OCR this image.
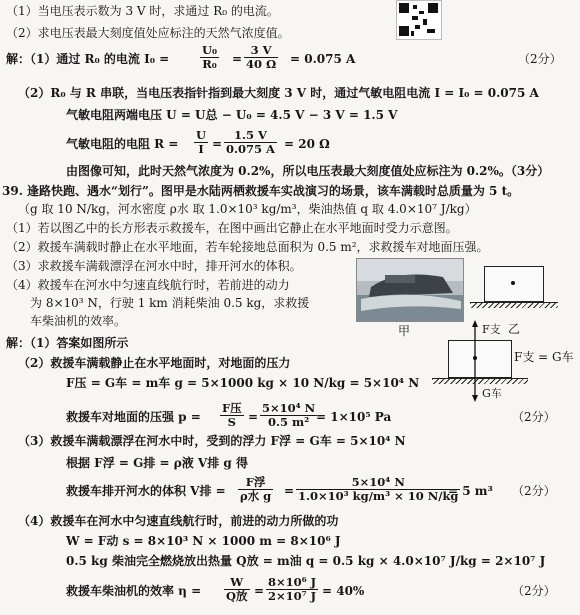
（1）当电压表示数为 3 V 时，求通过 R₀ 的电流。
（2）求电压表最大刻度值处应标注的天然气浓度值。
解：（1）通过 R₀ 的电流 I₀ =	$\frac{\text{U₀}}{\text{R₀}} = \frac{3 V}{40 \Omega} = 0.075$ A	（2分）
（2）R₀ 与 R 串联，当电压表指针指到最大刻度 3 V 时，通过气敏电阻电流 I = I₀ = 0.075 A
气敏电阻两端电压 U = U总 − U₀ = 4.5 V − 3 V = 1.5 V
气敏电阻的电阻 $R = \frac{U}{I} = \frac{1.5 V}{0.075 A} = 20$ Ω
由图像可知，此时天然气浓度为 0.2%，所以电压表最大刻度值处应标注为 0.2%。（3分）
39. 逢路快跑、遇水“划行”。图甲是水陆两栖救援车实战演习的场景，该车满载时总质量为 5 t。
（g 取 10 N/kg，河水密度 ρ水 取 1.0×10³ kg/m³，柴油热值 q 取 4.0×10⁷ J/kg）
（1）若以图乙中的长方形表示救援车，在图中画出它静止在水平地面时受力示意图。
（2）救援车满载时静止在水平地面，若车轮接地总面积为 0.5 m²，求救援车对地面压强。
（3）求救援车满载漂浮在河水中时，排开河水的体积。
（4）救援车在河水中匀速直线航行时，若前进的动力
为 8×10³ N，行驶 1 km 消耗柴油 0.5 kg，求救援
车柴油机的效率。
甲	乙
解：（1）答案如图所示
（2分）
F支
G车
F支 = G车
（2）救援车满载静止在水平地面时，对地面的压力
F压 = G车 = m车 g = 5×1000 kg × 10 N/kg = 5×10⁴ N
救援车对地面的压强 p =
F压
S	= $\frac{\text{5×10⁴ N}}{\text{0.5 m²}}$
= 1×10⁵ Pa
（3）救援车满载漂浮在河水中时，受到的浮力 F浮 = G车 = 5×10⁴ N
根据 F浮 = G排 = ρ液 V排 g 得
救援车排开河水的体积 V排 =
F浮
ρ水 $g = \frac{\text{5×10⁴ N}}{\text{1.0×10³ kg/m³ × 10 N/kg}}$
= 5 m³ （2分）
（4）救援车在河水中匀速直线航行时，前进的动力所做的功
W = F动 s = 8×10³ N × 1000 m = 8×10⁶ J
0.5 kg 柴油完全燃烧放出热量 Q放 = m油 q = 0.5 kg × 4.0×10⁷ J/kg = 2×10⁷ J
救援车柴油机的效率 η =
W
Q放 = $\frac{\text{8×10⁶ J}}{\text{2×10⁷ J}} = 40\%$	（2分）
